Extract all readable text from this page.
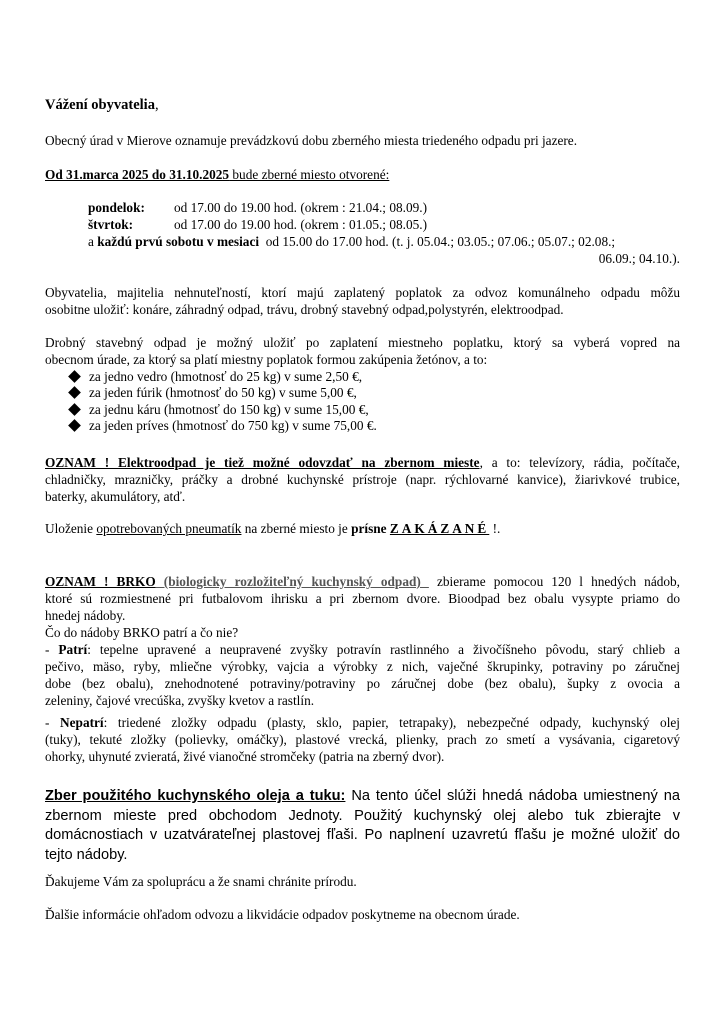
Vážení obyvatelia,

Obecný úrad v Mierove oznamuje prevádzkovú dobu zberného miesta triedeného odpadu pri jazere.

Od 31.marca 2025 do 31.10.2025 bude zberné miesto otvorené:

pondelok:	od 17.00 do 19.00 hod. (okrem : 21.04.; 08.09.)
štvrtok:	od 17.00 do 19.00 hod. (okrem : 01.05.; 08.05.)
a každú prvú sobotu v mesiaci  od 15.00 do 17.00 hod. (t. j. 05.04.; 03.05.; 07.06.; 05.07.; 02.08.;
06.09.; 04.10.).
Obyvatelia, majitelia nehnuteľností, ktorí majú zaplatený poplatok za odvoz komunálneho odpadu môžu
osobitne uložiť: konáre, záhradný odpad, trávu, drobný stavebný odpad,polystyrén, elektroodpad.
Drobný stavebný odpad je možný uložiť po zaplatení miestneho poplatku, ktorý sa vyberá vopred na
obecnom úrade, za ktorý sa platí miestny poplatok formou zakúpenia žetónov, a to:
za jedno vedro (hmotnosť do 25 kg) v sume 2,50 €,
za jeden fúrik (hmotnosť do 50 kg) v sume 5,00 €,
za jednu káru (hmotnosť do 150 kg) v sume 15,00 €,
za jeden príves (hmotnosť do 750 kg) v sume 75,00 €.
OZNAM ! Elektroodpad je tiež možné odovzdať na zbernom mieste, a to: televízory, rádia, počítače,
chladničky, mrazničky, práčky a drobné kuchynské prístroje (napr. rýchlovarné kanvice), žiarivkové trubice,
baterky, akumulátory, atď.

Uloženie opotrebovaných pneumatík na zberné miesto je prísne ZAKÁZANÉ !.

OZNAM ! BRKO (biologicky rozložiteľný kuchynský odpad)  zbierame pomocou 120 l hnedých nádob,
ktoré sú rozmiestnené pri futbalovom ihrisku a pri zbernom dvore. Bioodpad bez obalu vysypte priamo do
hnedej nádoby.
Čo do nádoby BRKO patrí a čo nie?
- Patrí: tepelne upravené a neupravené zvyšky potravín rastlinného a živočíšneho pôvodu, starý chlieb a
pečivo, mäso, ryby, mliečne výrobky, vajcia a výrobky z nich, vaječné škrupinky, potraviny po záručnej
dobe (bez obalu), znehodnotené potraviny/potraviny po záručnej dobe (bez obalu), šupky z ovocia a
zeleniny, čajové vrecúška, zvyšky kvetov a rastlín.
- Nepatrí: triedené zložky odpadu (plasty, sklo, papier, tetrapaky), nebezpečné odpady, kuchynský olej
(tuky), tekuté zložky (polievky, omáčky), plastové vrecká, plienky, prach zo smetí a vysávania, cigaretový
ohorky, uhynuté zvieratá, živé vianočné stromčeky (patria na zberný dvor).
Zber použitého kuchynského oleja a tuku: Na tento účel slúži hnedá nádoba umiestnený na
zbernom mieste pred obchodom Jednoty. Použitý kuchynský olej alebo tuk zbierajte v
domácnostiach v uzatvárateľnej plastovej fľaši. Po naplnení uzavretú fľašu je možné uložiť do
tejto nádoby.

Ďakujeme Vám za spoluprácu a že snami chránite prírodu.

Ďalšie informácie ohľadom odvozu a likvidácie odpadov poskytneme na obecnom úrade.
